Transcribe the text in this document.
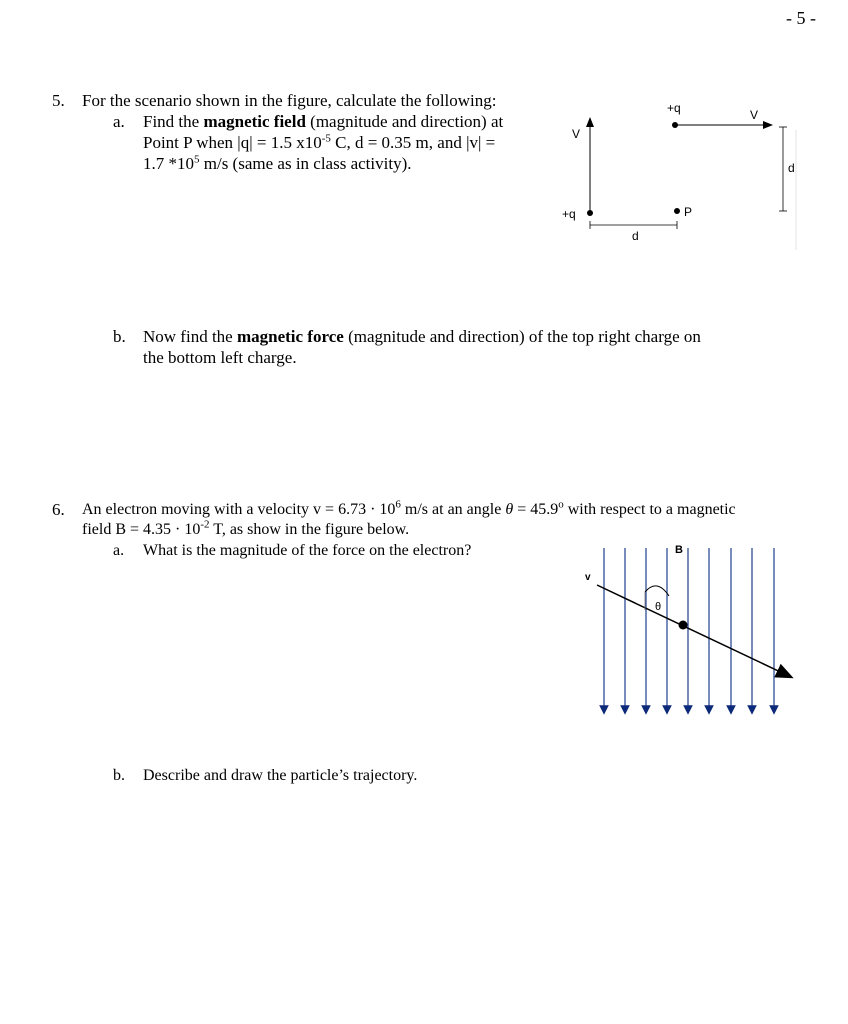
- 5 -
5. For the scenario shown in the figure, calculate the following:
a. Find the magnetic field (magnitude and direction) at
Point P when |q| = 1.5 $x10^{-5}$ C, d = 0.35 m, and |v| =
1.7 $*10^5$ m/s (same as in class activity).
+q	V
d
V
+q	P
d
b. Now find the magnetic force (magnitude and direction) of the top right charge on
the bottom left charge.
6. An electron moving with a velocity $v = 6.73 \cdot 10^6$ m/s at an angle $\theta = 45.9^o$ with respect to a magnetic
field $B = 4.35 \cdot 10^{-2}$ T, as show in the figure below.
a. What is the magnitude of the force on the electron?	B
v
θ
b. Describe and draw the particle’s trajectory.
